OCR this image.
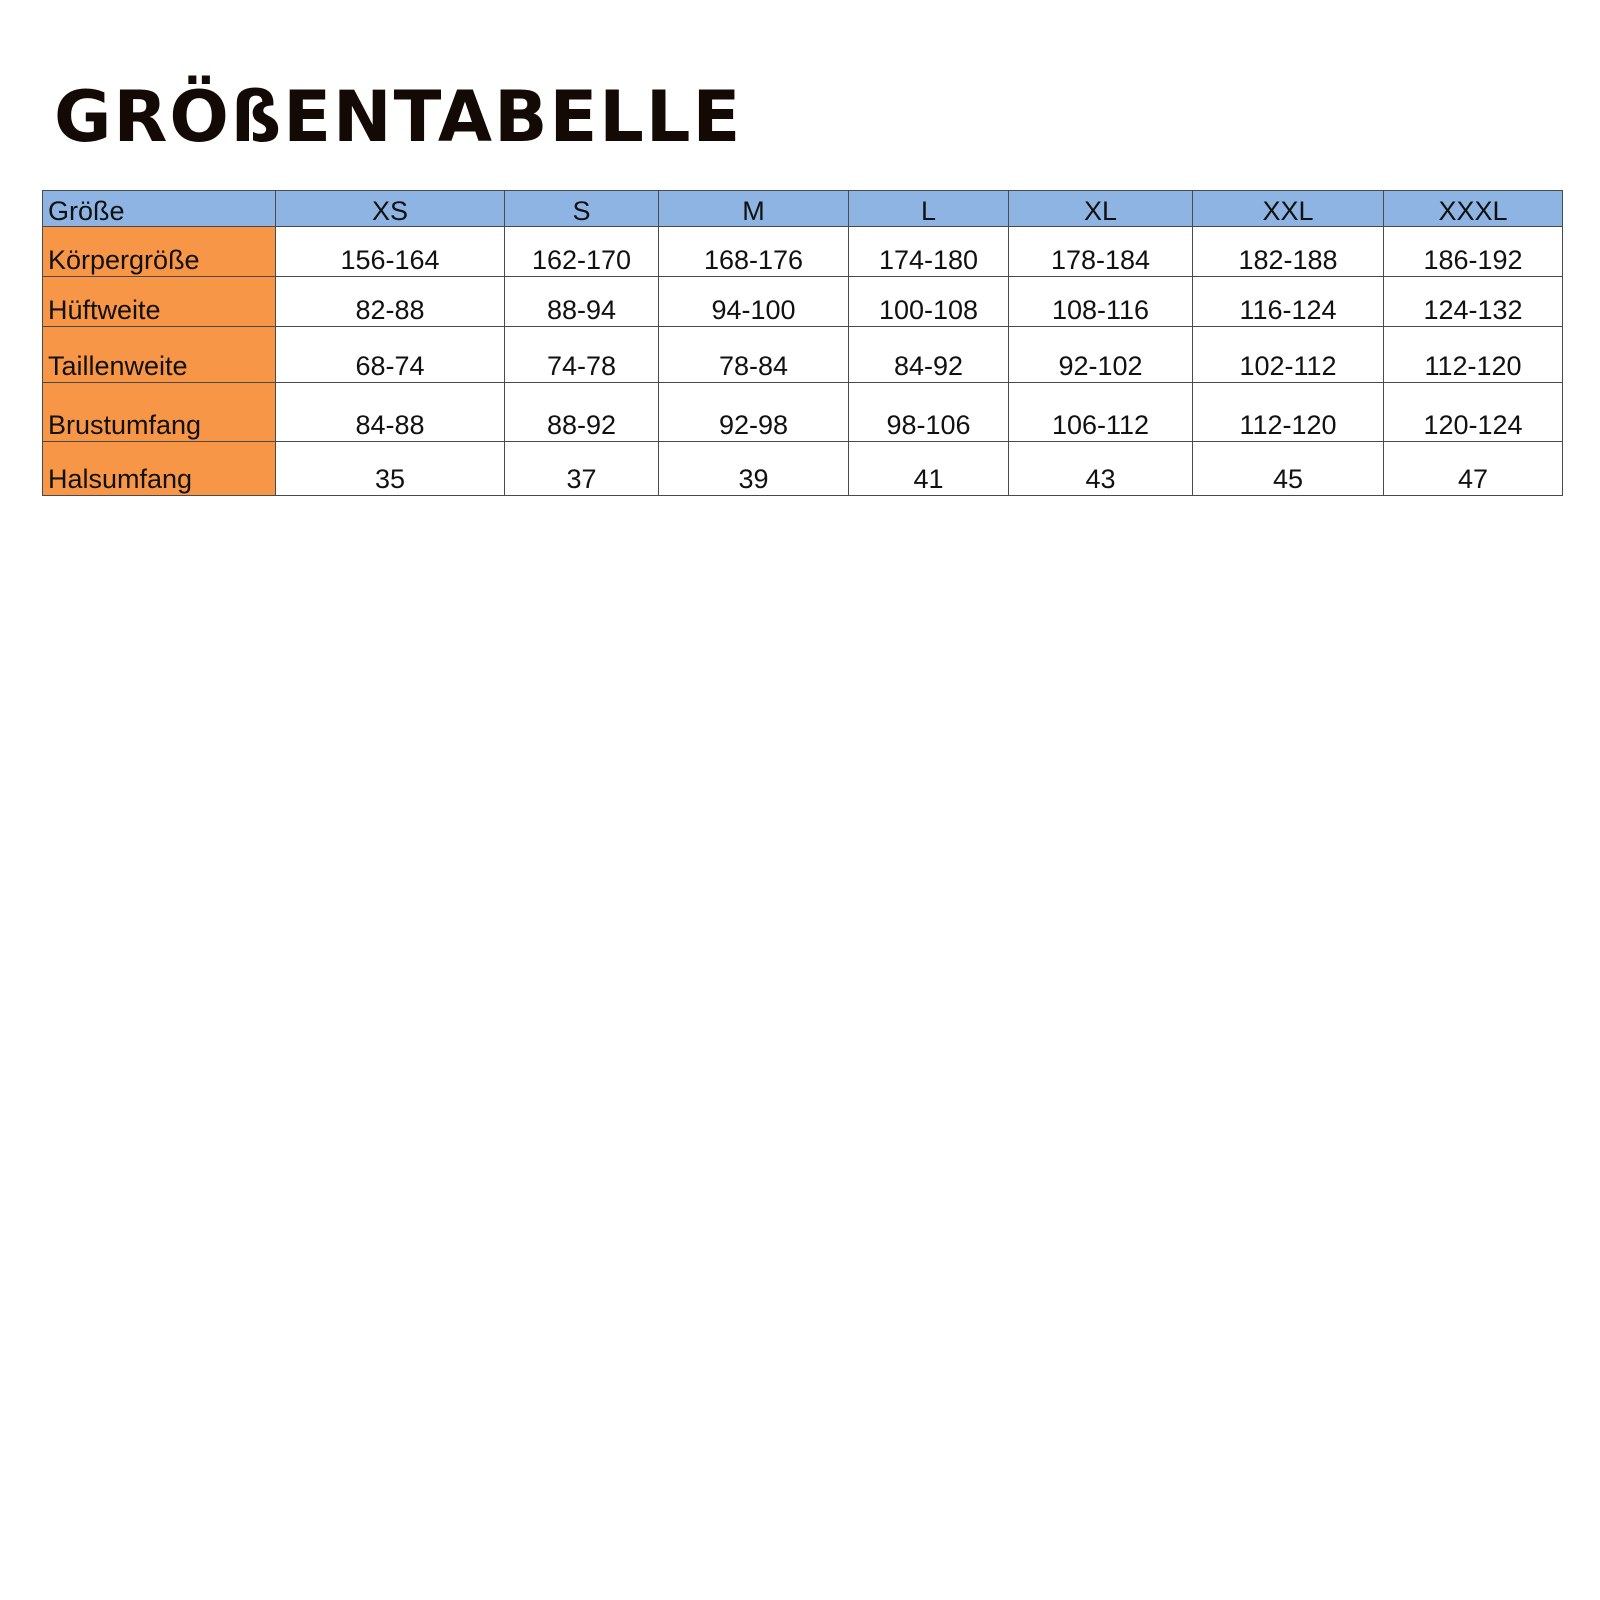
GRÖßENTABELLE
Größe	XS	S	M	L	XL	XXL	XXXL
Körpergröße	156-164	162-170	168-176	174-180	178-184	182-188	186-192
Hüftweite	82-88	88-94	94-100	100-108	108-116	116-124	124-132
Taillenweite	68-74	74-78	78-84	84-92	92-102	102-112	112-120
Brustumfang	84-88	88-92	92-98	98-106	106-112	112-120	120-124
Halsumfang	35	37	39	41	43	45	47
